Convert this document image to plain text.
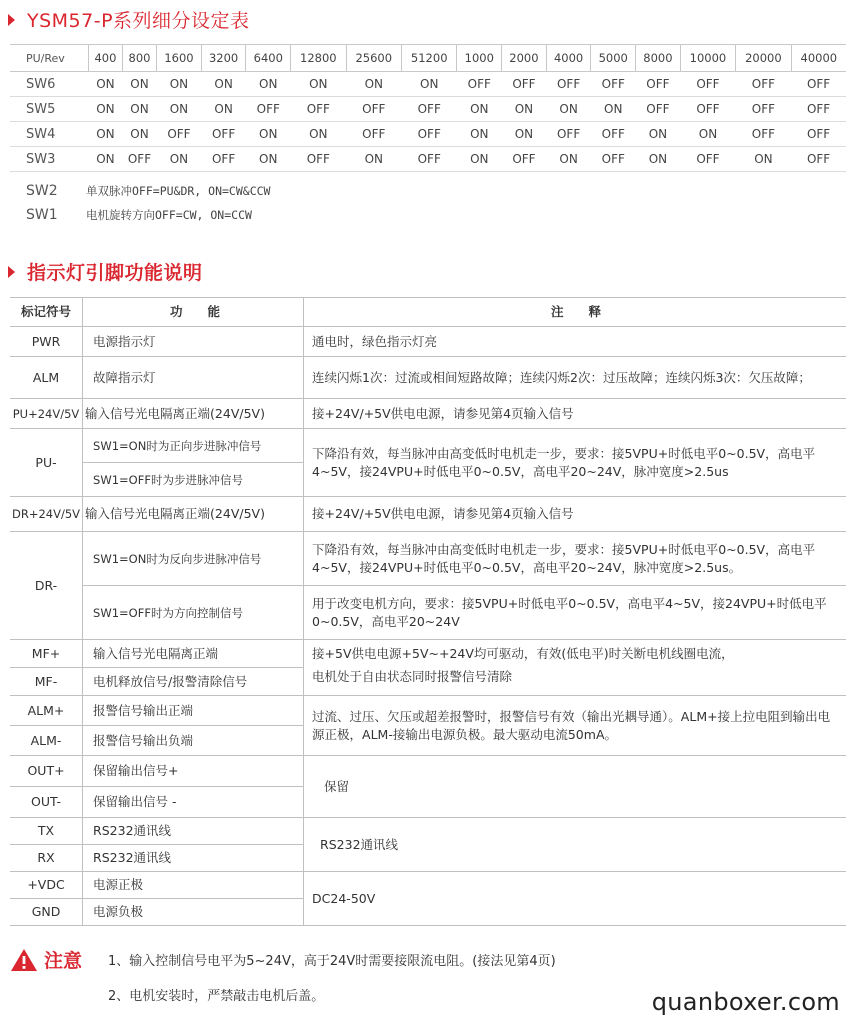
YSM57-P系列细分设定表
PU/Rev	400	800	1600	3200	6400	12800	25600	51200	1000	2000	4000	5000	8000	10000	20000	40000
SW6	ON	ON	ON	ON	ON	ON	ON	ON	OFF	OFF	OFF	OFF	OFF	OFF	OFF	OFF
SW5	ON	ON	ON	ON	OFF	OFF	OFF	OFF	ON	ON	ON	ON	OFF	OFF	OFF	OFF
SW4	ON	ON	OFF	OFF	ON	ON	OFF	OFF	ON	ON	OFF	OFF	ON	ON	OFF	OFF
SW3	ON	OFF	ON	OFF	ON	OFF	ON	OFF	ON	OFF	ON	OFF	ON	OFF	ON	OFF
SW2	单双脉冲OFF=PU&DR, ON=CW&CCW
SW1	电机旋转方向OFF=CW, ON=CCW
指示灯引脚功能说明
标记符号	功　　能	注　　释
PWR	电源指示灯	通电时，绿色指示灯亮
ALM	故障指示灯	连续闪烁1次：过流或相间短路故障；连续闪烁2次：过压故障；连续闪烁3次：欠压故障；
PU+24V/5V	输入信号光电隔离正端(24V/5V)	接+24V/+5V供电电源，请参见第4页输入信号
PU-	SW1=ON时为正向步进脉冲信号	下降沿有效，每当脉冲由高变低时电机走一步，要求：接5VPU+时低电平0~0.5V，高电平4~5V，接24VPU+时低电平0~0.5V，高电平20~24V，脉冲宽度>2.5us
	SW1=OFF时为步进脉冲信号	
DR+24V/5V	输入信号光电隔离正端(24V/5V)	接+24V/+5V供电电源，请参见第4页输入信号
DR-	SW1=ON时为反向步进脉冲信号	下降沿有效，每当脉冲由高变低时电机走一步，要求：接5VPU+时低电平0~0.5V，高电平4~5V，接24VPU+时低电平0~0.5V，高电平20~24V，脉冲宽度>2.5us。
	SW1=OFF时为方向控制信号	用于改变电机方向，要求：接5VPU+时低电平0~0.5V，高电平4~5V，接24VPU+时低电平0~0.5V，高电平20~24V
MF+	输入信号光电隔离正端	接+5V供电电源+5V~+24V均可驱动，有效(低电平)时关断电机线圈电流，
MF-	电机释放信号/报警清除信号	电机处于自由状态同时报警信号清除
ALM+	报警信号输出正端	过流、过压、欠压或超差报警时，报警信号有效（输出光耦导通）。ALM+接上拉电阻到输出电源正极，ALM-接输出电源负极。最大驱动电流50mA。
ALM-	报警信号输出负端	
OUT+	保留输出信号+	保留
OUT-	保留输出信号 -	
TX	RS232通讯线	RS232通讯线
RX	RS232通讯线	
+VDC	电源正极	DC24-50V
GND	电源负极	
注意 1、输入控制信号电平为5~24V，高于24V时需要接限流电阻。(接法见第4页)
2、电机安装时，严禁敲击电机后盖。	quanboxer.com
